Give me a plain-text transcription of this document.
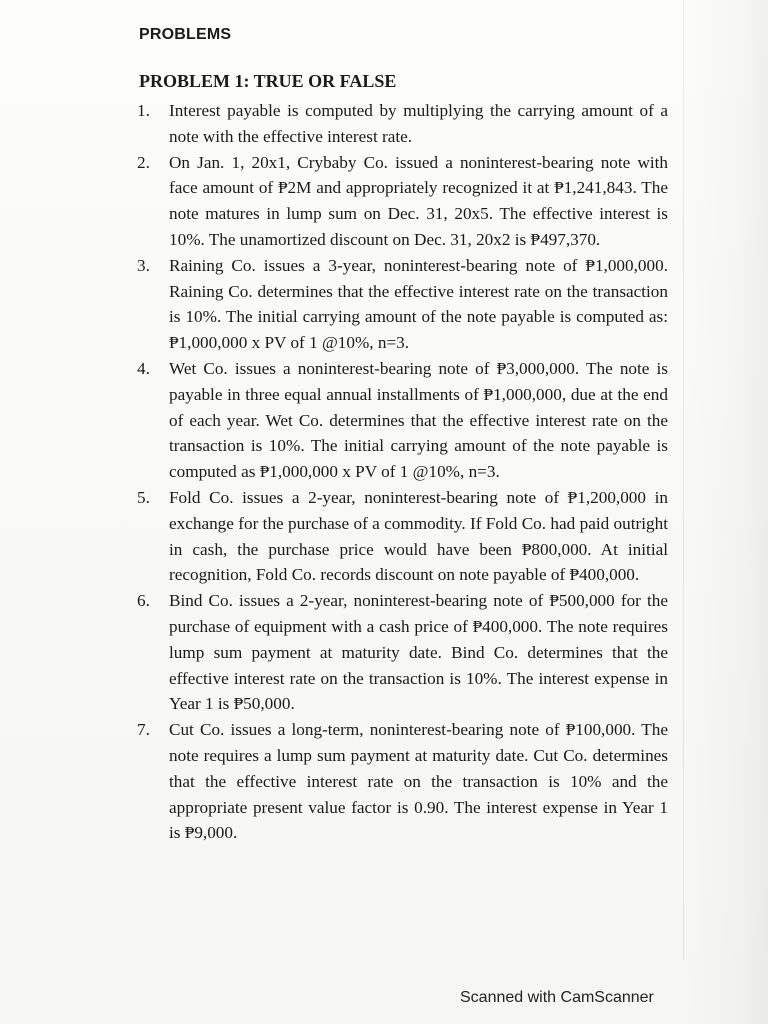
PROBLEMS
PROBLEM 1: TRUE OR FALSE
1. Interest payable is computed by multiplying the carrying amount of a note with the effective interest rate.
2. On Jan. 1, 20x1, Crybaby Co. issued a noninterest-bearing note with face amount of ₱2M and appropriately recognized it at ₱1,241,843. The note matures in lump sum on Dec. 31, 20x5. The effective interest is 10%. The unamortized discount on Dec. 31, 20x2 is ₱497,370.
3. Raining Co. issues a 3-year, noninterest-bearing note of ₱1,000,000. Raining Co. determines that the effective interest rate on the transaction is 10%. The initial carrying amount of the note payable is computed as: ₱1,000,000 x PV of 1 @10%, n=3.
4. Wet Co. issues a noninterest-bearing note of ₱3,000,000. The note is payable in three equal annual installments of ₱1,000,000, due at the end of each year. Wet Co. determines that the effective interest rate on the transaction is 10%. The initial carrying amount of the note payable is computed as ₱1,000,000 x PV of 1 @10%, n=3.
5. Fold Co. issues a 2-year, noninterest-bearing note of ₱1,200,000 in exchange for the purchase of a commodity. If Fold Co. had paid outright in cash, the purchase price would have been ₱800,000. At initial recognition, Fold Co. records discount on note payable of ₱400,000.
6. Bind Co. issues a 2-year, noninterest-bearing note of ₱500,000 for the purchase of equipment with a cash price of ₱400,000. The note requires lump sum payment at maturity date. Bind Co. determines that the effective interest rate on the transaction is 10%. The interest expense in Year 1 is ₱50,000.
7. Cut Co. issues a long-term, noninterest-bearing note of ₱100,000. The note requires a lump sum payment at maturity date. Cut Co. determines that the effective interest rate on the transaction is 10% and the appropriate present value factor is 0.90. The interest expense in Year 1 is ₱9,000.

Scanned with CamScanner
